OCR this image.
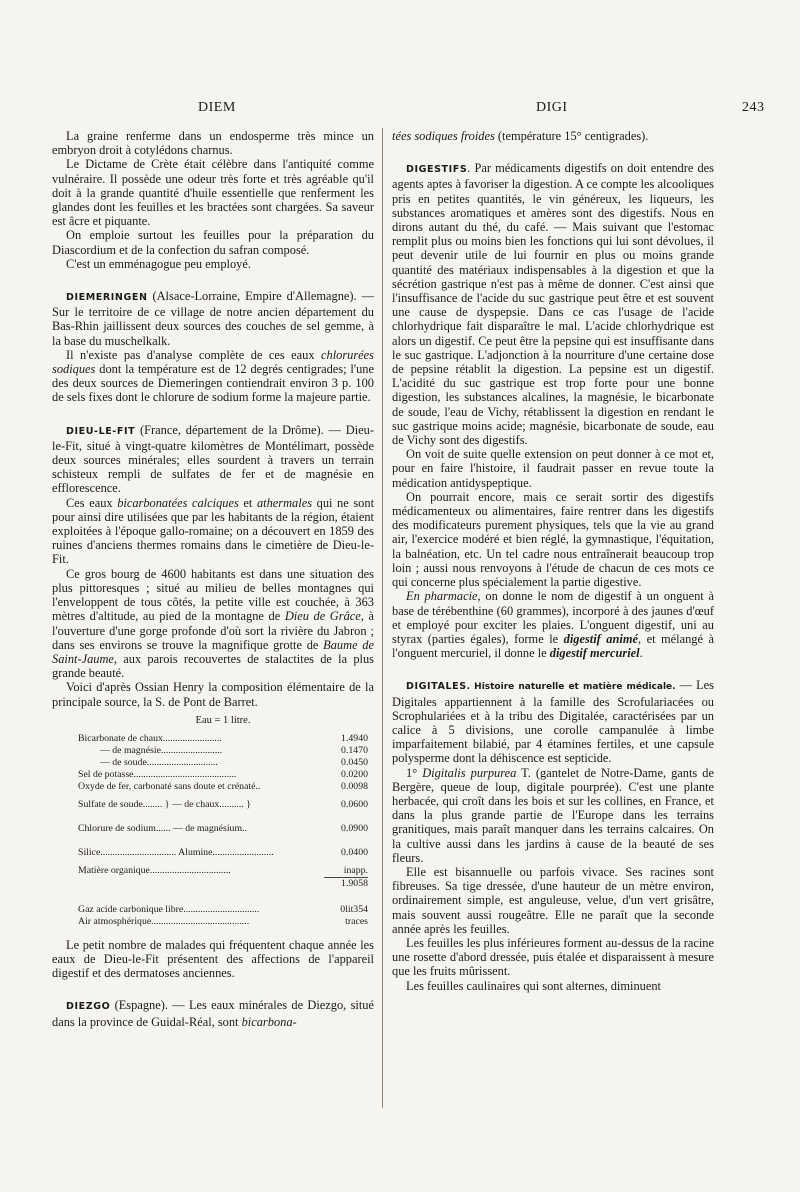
DIEM	DIGI	243

La graine renferme dans un endosperme très mince un embryon droit à cotylédons charnus.

Le Dictame de Crète était célèbre dans l'antiquité comme vulnéraire. Il possède une odeur très forte et très agréable qu'il doit à la grande quantité d'huile essentielle que renferment les glandes dont les feuilles et les bractées sont chargées. Sa saveur est âcre et piquante.

On emploie surtout les feuilles pour la préparation du Diascordium et de la confection du safran composé.

C'est un emménagogue peu employé.

DIEMERINGEN (Alsace-Lorraine, Empire d'Allemagne). — Sur le territoire de ce village de notre ancien département du Bas-Rhin jaillissent deux sources des couches de sel gemme, à la base du muschelkalk.

Il n'existe pas d'analyse complète de ces eaux chlorurées sodiques dont la température est de 12 degrés centigrades; l'une des deux sources de Diemeringen contiendrait environ 3 p. 100 de sels fixes dont le chlorure de sodium forme la majeure partie.

DIEU-LE-FIT (France, département de la Drôme). — Dieu-le-Fit, situé à vingt-quatre kilomètres de Montélimart, possède deux sources minérales; elles sourdent à travers un terrain schisteux rempli de sulfates de fer et de magnésie en efflorescence.

Ces eaux bicarbonatées calciques et athermales qui ne sont pour ainsi dire utilisées que par les habitants de la région, étaient exploitées à l'époque gallo-romaine; on a découvert en 1859 des ruines d'anciens thermes romains dans le cimetière de Dieu-le-Fit.

Ce gros bourg de 4600 habitants est dans une situation des plus pittoresques ; situé au milieu de belles montagnes qui l'enveloppent de tous côtés, la petite ville est couchée, à 363 mètres d'altitude, au pied de la montagne de Dieu de Grâce, à l'ouverture d'une gorge profonde d'où sort la rivière du Jabron ; dans ses environs se trouve la magnifique grotte de Baume de Saint-Jaume, aux parois recouvertes de stalactites de la plus grande beauté.

Voici d'après Ossian Henry la composition élémentaire de la principale source, la S. de Pont de Barret.

Eau = 1 litre.
Bicarbonate de chaux........................	1.4940
— de magnésie.........................	0.1470
— de soude.............................	0.0450
Sel de potasse..........................................	0.0200
Oxyde de fer, carbonaté sans doute et crénaté..	0.0098
Sulfate de soude........ } — de chaux.......... }	0.0600
Chlorure de sodium...... — de magnésium..	0.0900
Silice............................... Alumine.........................	0.0400
Matière organique.................................	inapp.
1.9058
Gaz acide carbonique libre...............................	0lit354
Air atmosphérique........................................	traces

Le petit nombre de malades qui fréquentent chaque année les eaux de Dieu-le-Fit présentent des affections de l'appareil digestif et des dermatoses anciennes.

DIEZGO (Espagne). — Les eaux minérales de Diezgo, situé dans la province de Guidal-Réal, sont bicarbona-

tées sodiques froides (température 15° centigrades).

DIGESTIFS. Par médicaments digestifs on doit entendre des agents aptes à favoriser la digestion. A ce compte les alcooliques pris en petites quantités, le vin généreux, les liqueurs, les substances aromatiques et amères sont des digestifs. Nous en dirons autant du thé, du café. — Mais suivant que l'estomac remplit plus ou moins bien les fonctions qui lui sont dévolues, il peut devenir utile de lui fournir en plus ou moins grande quantité des matériaux indispensables à la digestion et que la sécrétion gastrique n'est pas à même de donner. C'est ainsi que l'insuffisance de l'acide du suc gastrique peut être et est souvent une cause de dyspepsie. Dans ce cas l'usage de l'acide chlorhydrique fait disparaître le mal. L'acide chlorhydrique est alors un digestif. Ce peut être la pepsine qui est insuffisante dans le suc gastrique. L'adjonction à la nourriture d'une certaine dose de pepsine rétablit la digestion. La pepsine est un digestif. L'acidité du suc gastrique est trop forte pour une bonne digestion, les substances alcalines, la magnésie, le bicarbonate de soude, l'eau de Vichy, rétablissent la digestion en rendant le suc gastrique moins acide; magnésie, bicarbonate de soude, eau de Vichy sont des digestifs.

On voit de suite quelle extension on peut donner à ce mot et, pour en faire l'histoire, il faudrait passer en revue toute la médication antidyspeptique.

On pourrait encore, mais ce serait sortir des digestifs médicamenteux ou alimentaires, faire rentrer dans les digestifs des modificateurs purement physiques, tels que la vie au grand air, l'exercice modéré et bien réglé, la gymnastique, l'équitation, la balnéation, etc. Un tel cadre nous entraînerait beaucoup trop loin ; aussi nous renvoyons à l'étude de chacun de ces mots ce qui concerne plus spécialement la partie digestive.

En pharmacie, on donne le nom de digestif à un onguent à base de térébenthine (60 grammes), incorporé à des jaunes d'œuf et employé pour exciter les plaies. L'onguent digestif, uni au styrax (parties égales), forme le digestif animé, et mélangé à l'onguent mercuriel, il donne le digestif mercuriel.

DIGITALES. Histoire naturelle et matière médicale. — Les Digitales appartiennent à la famille des Scrofulariacées ou Scrophulariées et à la tribu des Digitalée, caractérisées par un calice à 5 divisions, une corolle campanulée à limbe imparfaitement bilabié, par 4 étamines fertiles, et une capsule polysperme dont la déhiscence est septicide.

1° Digitalis purpurea T. (gantelet de Notre-Dame, gants de Bergère, queue de loup, digitale pourprée). C'est une plante herbacée, qui croît dans les bois et sur les collines, en France, et dans la plus grande partie de l'Europe dans les terrains granitiques, mais paraît manquer dans les terrains calcaires. On la cultive aussi dans les jardins à cause de la beauté de ses fleurs.

Elle est bisannuelle ou parfois vivace. Ses racines sont fibreuses. Sa tige dressée, d'une hauteur de un mètre environ, ordinairement simple, est anguleuse, velue, d'un vert grisâtre, mais souvent aussi rougeâtre. Elle ne paraît que la seconde année après les feuilles.

Les feuilles les plus inférieures forment au-dessus de la racine une rosette d'abord dressée, puis étalée et disparaissent à mesure que les fruits mûrissent.

Les feuilles caulinaires qui sont alternes, diminuent
